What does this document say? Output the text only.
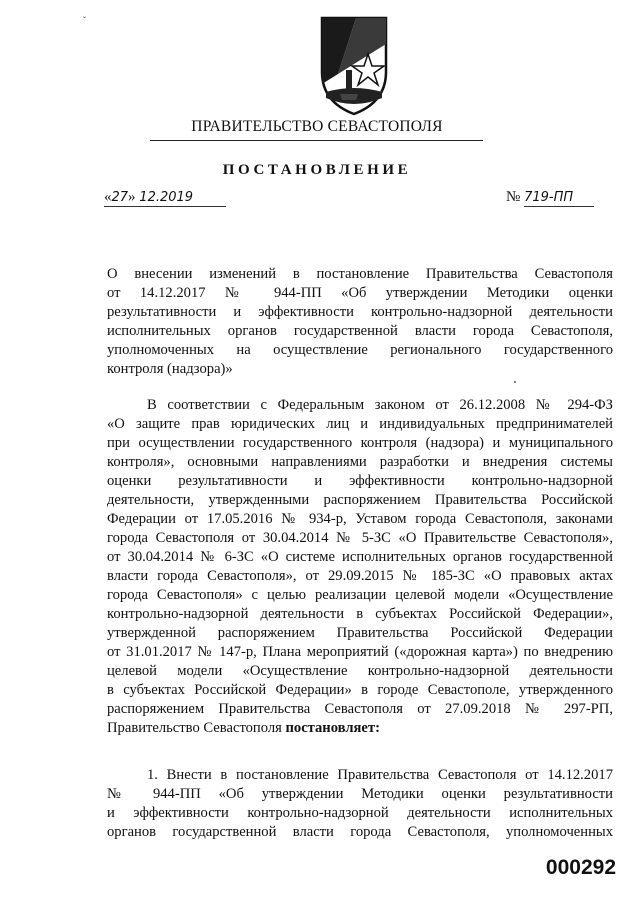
ˇ
ПРАВИТЕЛЬСТВО СЕВАСТОПОЛЯ
ПОСТАНОВЛЕНИЕ
«27» 12.2019	№ 719-ПП
О внесении изменений в постановление Правительства Севастополя
от 14.12.2017 № 944-ПП «Об утверждении Методики оценки
результативности и эффективности контрольно-надзорной деятельности
исполнительных органов государственной власти города Севастополя,
уполномоченных на осуществление регионального государственного
контроля (надзора)»
В соответствии с Федеральным законом от 26.12.2008 № 294-ФЗ
«О защите прав юридических лиц и индивидуальных предпринимателей
при осуществлении государственного контроля (надзора) и муниципального
контроля», основными направлениями разработки и внедрения системы
оценки результативности и эффективности контрольно-надзорной
деятельности, утвержденными распоряжением Правительства Российской
Федерации от 17.05.2016 № 934-р, Уставом города Севастополя, законами
города Севастополя от 30.04.2014 № 5-ЗС «О Правительстве Севастополя»,
от 30.04.2014 № 6-ЗС «О системе исполнительных органов государственной
власти города Севастополя», от 29.09.2015 № 185-ЗС «О правовых актах
города Севастополя» с целью реализации целевой модели «Осуществление
контрольно-надзорной деятельности в субъектах Российской Федерации»,
утвержденной распоряжением Правительства Российской Федерации
от 31.01.2017 № 147-р, Плана мероприятий («дорожная карта») по внедрению
целевой модели «Осуществление контрольно-надзорной деятельности
в субъектах Российской Федерации» в городе Севастополе, утвержденного
распоряжением Правительства Севастополя от 27.09.2018 № 297-РП,
Правительство Севастополя постановляет:
1. Внести в постановление Правительства Севастополя от 14.12.2017
№ 944-ПП «Об утверждении Методики оценки результативности
и эффективности контрольно-надзорной деятельности исполнительных
органов государственной власти города Севастополя, уполномоченных
000292
